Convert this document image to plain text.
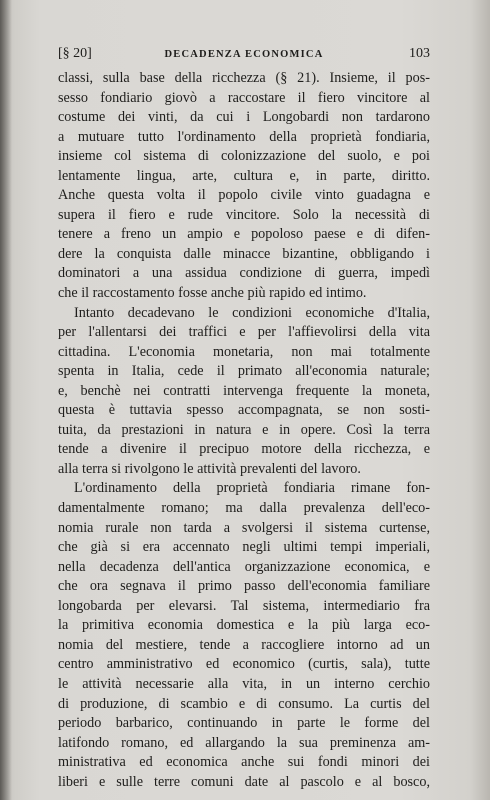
[§ 20]	DECADENZA ECONOMICA	103
classi, sulla base della ricchezza (§ 21). Insieme, il pos-
sesso fondiario giovò a raccostare il fiero vincitore al
costume dei vinti, da cui i Longobardi non tardarono
a mutuare tutto l'ordinamento della proprietà fondiaria,
insieme col sistema di colonizzazione del suolo, e poi
lentamente lingua, arte, cultura e, in parte, diritto.
Anche questa volta il popolo civile vinto guadagna e
supera il fiero e rude vincitore. Solo la necessità di
tenere a freno un ampio e popoloso paese e di difen-
dere la conquista dalle minacce bizantine, obbligando i
dominatori a una assidua condizione di guerra, impedì
che il raccostamento fosse anche più rapido ed intimo.
Intanto decadevano le condizioni economiche d'Italia,
per l'allentarsi dei traffici e per l'affievolirsi della vita
cittadina. L'economia monetaria, non mai totalmente
spenta in Italia, cede il primato all'economia naturale;
e, benchè nei contratti intervenga frequente la moneta,
questa è tuttavia spesso accompagnata, se non sosti-
tuita, da prestazioni in natura e in opere. Così la terra
tende a divenire il precipuo motore della ricchezza, e
alla terra si rivolgono le attività prevalenti del lavoro.
L'ordinamento della proprietà fondiaria rimane fon-
damentalmente romano; ma dalla prevalenza dell'eco-
nomia rurale non tarda a svolgersi il sistema curtense,
che già si era accennato negli ultimi tempi imperiali,
nella decadenza dell'antica organizzazione economica, e
che ora segnava il primo passo dell'economia familiare
longobarda per elevarsi. Tal sistema, intermediario fra
la primitiva economia domestica e la più larga eco-
nomia del mestiere, tende a raccogliere intorno ad un
centro amministrativo ed economico (curtis, sala), tutte
le attività necessarie alla vita, in un interno cerchio
di produzione, di scambio e di consumo. La curtis del
periodo barbarico, continuando in parte le forme del
latifondo romano, ed allargando la sua preminenza am-
ministrativa ed economica anche sui fondi minori dei
liberi e sulle terre comuni date al pascolo e al bosco,
